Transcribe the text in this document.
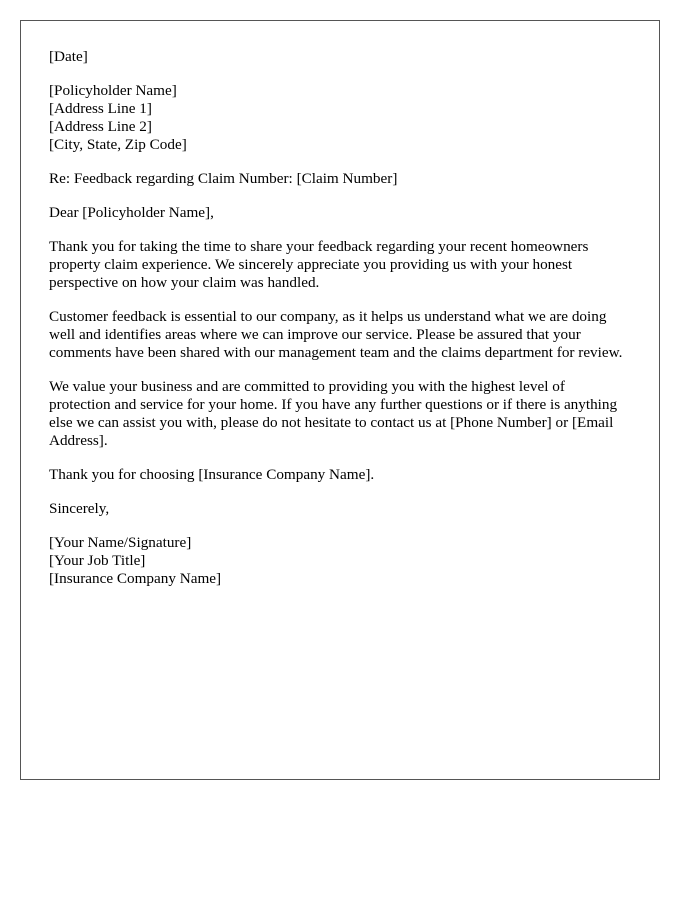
[Date]
[Policyholder Name]
[Address Line 1]
[Address Line 2]
[City, State, Zip Code]
Re: Feedback regarding Claim Number: [Claim Number]
Dear [Policyholder Name],

Thank you for taking the time to share your feedback regarding your recent homeowners property claim experience. We sincerely appreciate you providing us with your honest perspective on how your claim was handled.

Customer feedback is essential to our company, as it helps us understand what we are doing well and identifies areas where we can improve our service. Please be assured that your comments have been shared with our management team and the claims department for review.

We value your business and are committed to providing you with the highest level of protection and service for your home. If you have any further questions or if there is anything else we can assist you with, please do not hesitate to contact us at [Phone Number] or [Email Address].

Thank you for choosing [Insurance Company Name].

Sincerely,
[Your Name/Signature]
[Your Job Title]
[Insurance Company Name]
